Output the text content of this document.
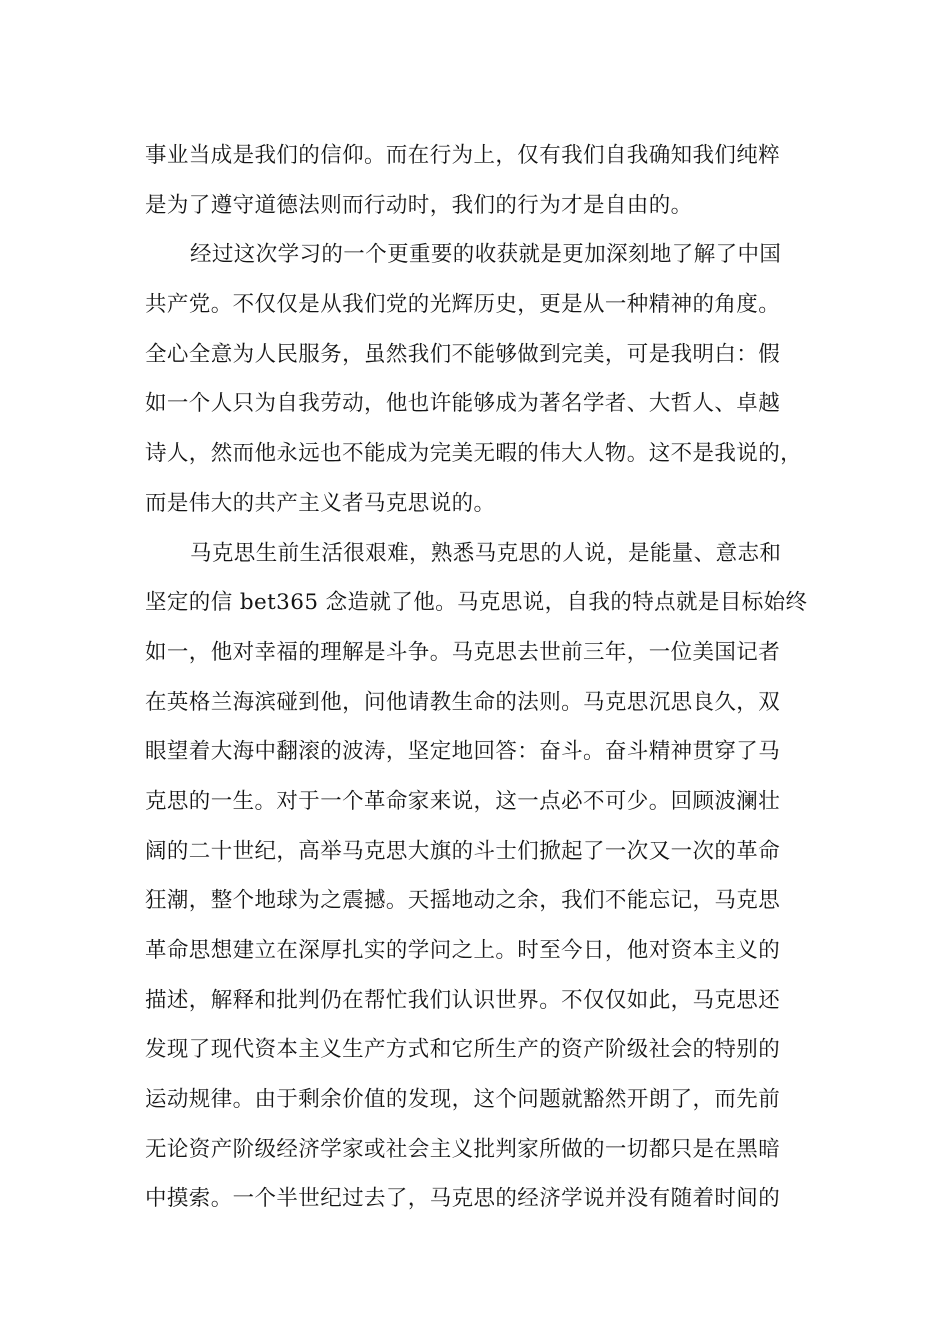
事业当成是我们的信仰。而在行为上，仅有我们自我确知我们纯粹
是为了遵守道德法则而行动时，我们的行为才是自由的。
经过这次学习的一个更重要的收获就是更加深刻地了解了中国
共产党。不仅仅是从我们党的光辉历史，更是从一种精神的角度。
全心全意为人民服务，虽然我们不能够做到完美，可是我明白：假
如一个人只为自我劳动，他也许能够成为著名学者、大哲人、卓越
诗人，然而他永远也不能成为完美无暇的伟大人物。这不是我说的，
而是伟大的共产主义者马克思说的。
马克思生前生活很艰难，熟悉马克思的人说，是能量、意志和
坚定的信 bet365 念造就了他。马克思说，自我的特点就是目标始终
如一，他对幸福的理解是斗争。马克思去世前三年，一位美国记者
在英格兰海滨碰到他，问他请教生命的法则。马克思沉思良久，双
眼望着大海中翻滚的波涛，坚定地回答：奋斗。奋斗精神贯穿了马
克思的一生。对于一个革命家来说，这一点必不可少。回顾波澜壮
阔的二十世纪，高举马克思大旗的斗士们掀起了一次又一次的革命
狂潮，整个地球为之震撼。天摇地动之余，我们不能忘记，马克思
革命思想建立在深厚扎实的学问之上。时至今日，他对资本主义的
描述，解释和批判仍在帮忙我们认识世界。不仅仅如此，马克思还
发现了现代资本主义生产方式和它所生产的资产阶级社会的特别的
运动规律。由于剩余价值的发现，这个问题就豁然开朗了，而先前
无论资产阶级经济学家或社会主义批判家所做的一切都只是在黑暗
中摸索。一个半世纪过去了，马克思的经济学说并没有随着时间的
